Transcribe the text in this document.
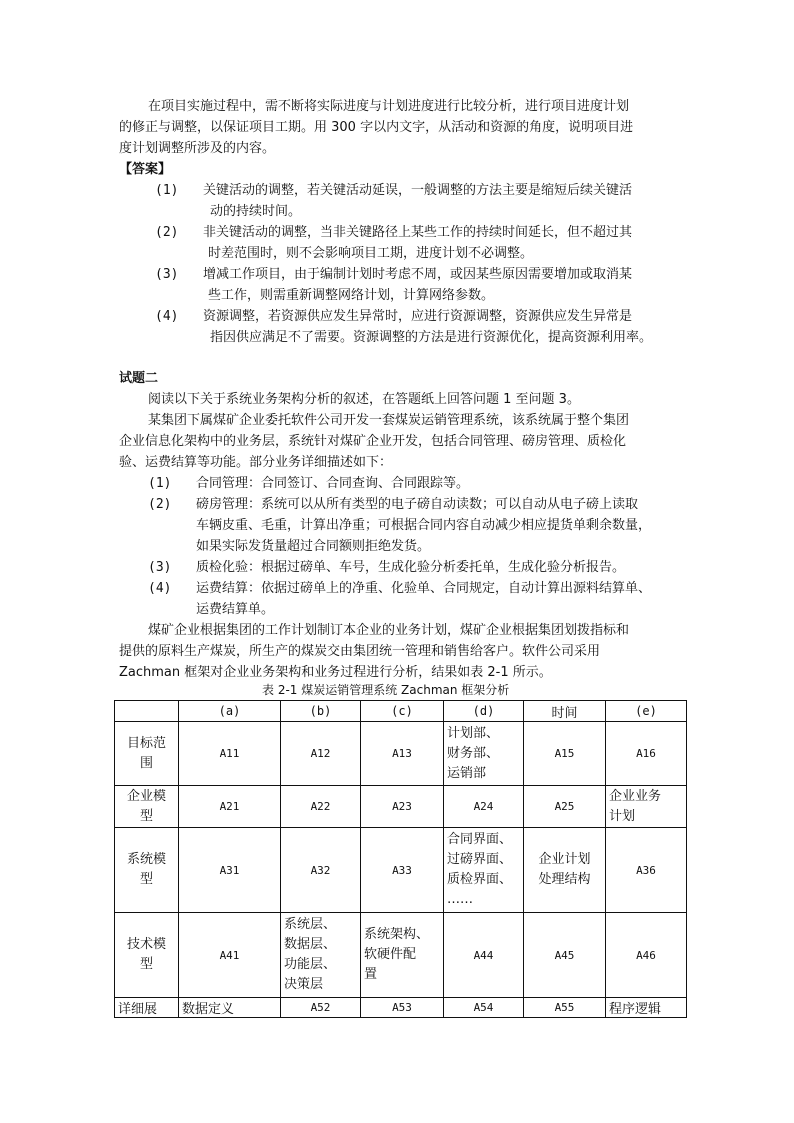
在项目实施过程中，需不断将实际进度与计划进度进行比较分析，进行项目进度计划
的修正与调整，以保证项目工期。用 300 字以内文字，从活动和资源的角度，说明项目进
度计划调整所涉及的内容。
【答案】
(1) 关键活动的调整，若关键活动延误，一般调整的方法主要是缩短后续关键活
动的持续时间。
(2) 非关键活动的调整，当非关键路径上某些工作的持续时间延长，但不超过其
时差范围时，则不会影响项目工期，进度计划不必调整。
(3) 增减工作项目，由于编制计划时考虑不周，或因某些原因需要增加或取消某
些工作，则需重新调整网络计划，计算网络参数。
(4) 资源调整，若资源供应发生异常时，应进行资源调整，资源供应发生异常是
指因供应满足不了需要。资源调整的方法是进行资源优化，提高资源利用率。
试题二
阅读以下关于系统业务架构分析的叙述，在答题纸上回答问题 1 至问题 3。
某集团下属煤矿企业委托软件公司开发一套煤炭运销管理系统，该系统属于整个集团
企业信息化架构中的业务层，系统针对煤矿企业开发，包括合同管理、磅房管理、质检化
验、运费结算等功能。部分业务详细描述如下：
(1) 合同管理：合同签订、合同查询、合同跟踪等。
(2) 磅房管理：系统可以从所有类型的电子磅自动读数；可以自动从电子磅上读取
车辆皮重、毛重，计算出净重；可根据合同内容自动减少相应提货单剩余数量，
如果实际发货量超过合同额则拒绝发货。
(3) 质检化验：根据过磅单、车号，生成化验分析委托单，生成化验分析报告。
(4) 运费结算：依据过磅单上的净重、化验单、合同规定，自动计算出源料结算单、
运费结算单。
煤矿企业根据集团的工作计划制订本企业的业务计划，煤矿企业根据集团划拨指标和
提供的原料生产煤炭，所生产的煤炭交由集团统一管理和销售给客户。软件公司采用
Zachman 框架对企业业务架构和业务过程进行分析，结果如表 2-1 所示。
表 2-1 煤炭运销管理系统 Zachman 框架分析
	(a)	(b)	(c)	(d)	时间	(e)

目标范
围	A11	A12	A13	计划部、
财务部、
运销部	A15	A16

企业模
型	A21	A22	A23	A24	A25	企业业务
计划

系统模
型	A31	A32	A33	合同界面、
过磅界面、
质检界面、
……	企业计划
处理结构	A36

技术模
型	A41	系统层、
数据层、
功能层、
决策层	系统架构、
软硬件配
置	A44	A45	A46
详细展	数据定义	A52	A53	A54	A55	程序逻辑
